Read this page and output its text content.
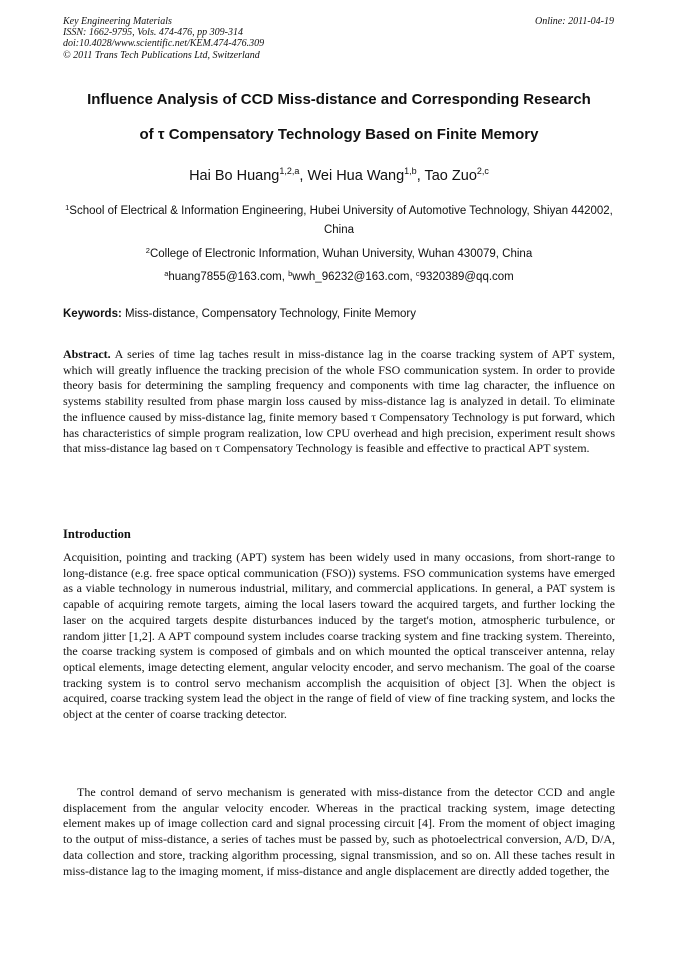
Key Engineering Materials
ISSN: 1662-9795, Vols. 474-476, pp 309-314
doi:10.4028/www.scientific.net/KEM.474-476.309
© 2011 Trans Tech Publications Ltd, Switzerland
Online: 2011-04-19
Influence Analysis of CCD Miss-distance and Corresponding Research
of τ Compensatory Technology Based on Finite Memory
Hai Bo Huang$^{1,2,a}$, Wei Hua Wang$^{1,b}$, Tao Zuo$^{2,c}$
$^1$School of Electrical & Information Engineering, Hubei University of Automotive Technology, Shiyan 442002, China
$^2$College of Electronic Information, Wuhan University, Wuhan 430079, China
$^a$huang7855@163.com, $^b$wwh_96232@163.com, $^c$9320389@qq.com
Keywords: Miss-distance, Compensatory Technology, Finite Memory

Abstract. A series of time lag taches result in miss-distance lag in the coarse tracking system of APT system, which will greatly influence the tracking precision of the whole FSO communication system. In order to provide theory basis for determining the sampling frequency and components with time lag character, the influence on systems stability resulted from phase margin loss caused by miss-distance lag is analyzed in detail. To eliminate the influence caused by miss-distance lag, finite memory based τ Compensatory Technology is put forward, which has characteristics of simple program realization, low CPU overhead and high precision, experiment result shows that miss-distance lag based on τ Compensatory Technology is feasible and effective to practical APT system.

Introduction

Acquisition, pointing and tracking (APT) system has been widely used in many occasions, from short-range to long-distance (e.g. free space optical communication (FSO)) systems. FSO communication systems have emerged as a viable technology in numerous industrial, military, and commercial applications. In general, a PAT system is capable of acquiring remote targets, aiming the local lasers toward the acquired targets, and further locking the laser on the acquired targets despite disturbances induced by the target's motion, atmospheric turbulence, or random jitter [1,2]. A APT compound system includes coarse tracking system and fine tracking system. Thereinto, the coarse tracking system is composed of gimbals and on which mounted the optical transceiver antenna, relay optical elements, image detecting element, angular velocity encoder, and servo mechanism. The goal of the coarse tracking system is to control servo mechanism accomplish the acquisition of object [3]. When the object is acquired, coarse tracking system lead the object in the range of field of view of fine tracking system, and locks the object at the center of coarse tracking detector.

The control demand of servo mechanism is generated with miss-distance from the detector CCD and angle displacement from the angular velocity encoder. Whereas in the practical tracking system, image detecting element makes up of image collection card and signal processing circuit [4]. From the moment of object imaging to the output of miss-distance, a series of taches must be passed by, such as photoelectrical conversion, A/D, D/A, data collection and store, tracking algorithm processing, signal transmission, and so on. All these taches result in miss-distance lag to the imaging moment, if miss-distance and angle displacement are directly added together, the
